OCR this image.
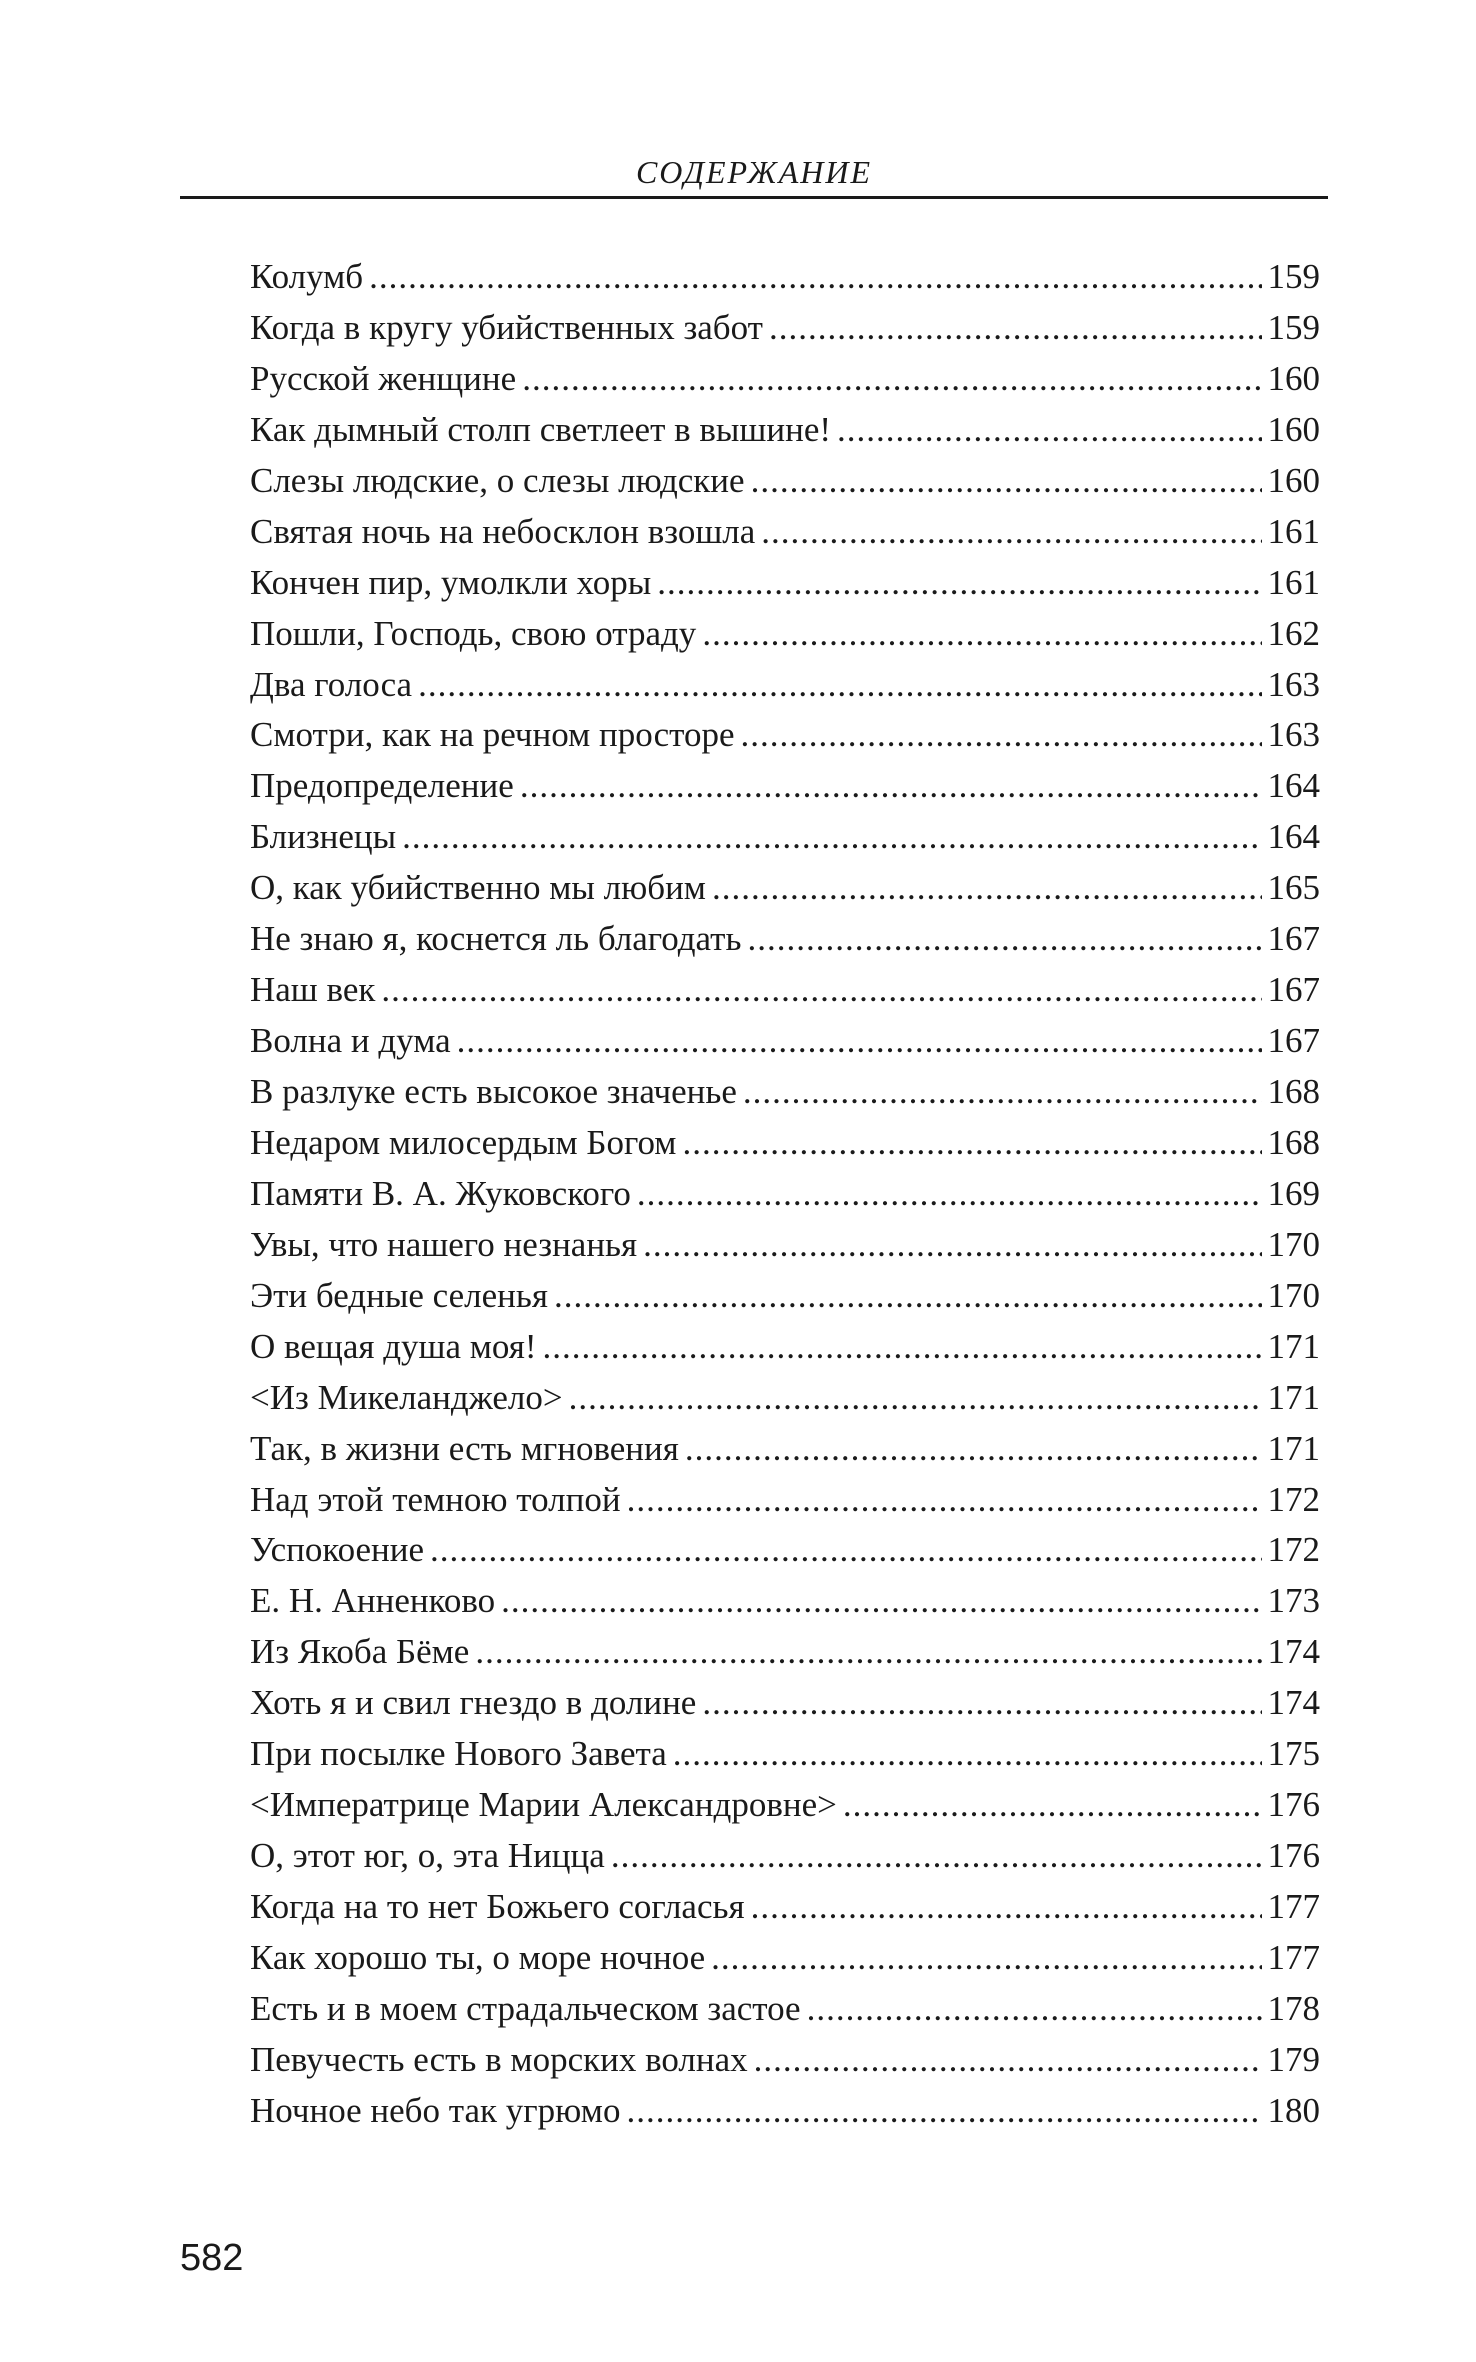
СОДЕРЖАНИЕ
Колумб .....	159
Когда в кругу убийственных забот .....	159
Русской женщине .....	160
Как дымный столп светлеет в вышине! .....	160
Слезы людские, о слезы людские .....	160
Святая ночь на небосклон взошла .....	161
Кончен пир, умолкли хоры .....	161
Пошли, Господь, свою отраду .....	162
Два голоса .....	163
Смотри, как на речном просторе .....	163
Предопределение .....	164
Близнецы .....	164
О, как убийственно мы любим .....	165
Не знаю я, коснется ль благодать .....	167
Наш век .....	167
Волна и дума .....	167
В разлуке есть высокое значенье .....	168
Недаром милосердым Богом .....	168
Памяти В. А. Жуковского .....	169
Увы, что нашего незнанья .....	170
Эти бедные селенья .....	170
О вещая душа моя! .....	171
<Из Микеланджело> .....	171
Так, в жизни есть мгновения .....	171
Над этой темною толпой .....	172
Успокоение .....	172
Е. Н. Анненково .....	173
Из Якоба Бёме .....	174
Хоть я и свил гнездо в долине .....	174
При посылке Нового Завета .....	175
<Императрице Марии Александровне> .....	176
О, этот юг, о, эта Ницца .....	176
Когда на то нет Божьего согласья .....	177
Как хорошо ты, о море ночное .....	177
Есть и в моем страдальческом застое .....	178
Певучесть есть в морских волнах .....	179
Ночное небо так угрюмо .....	180
582
